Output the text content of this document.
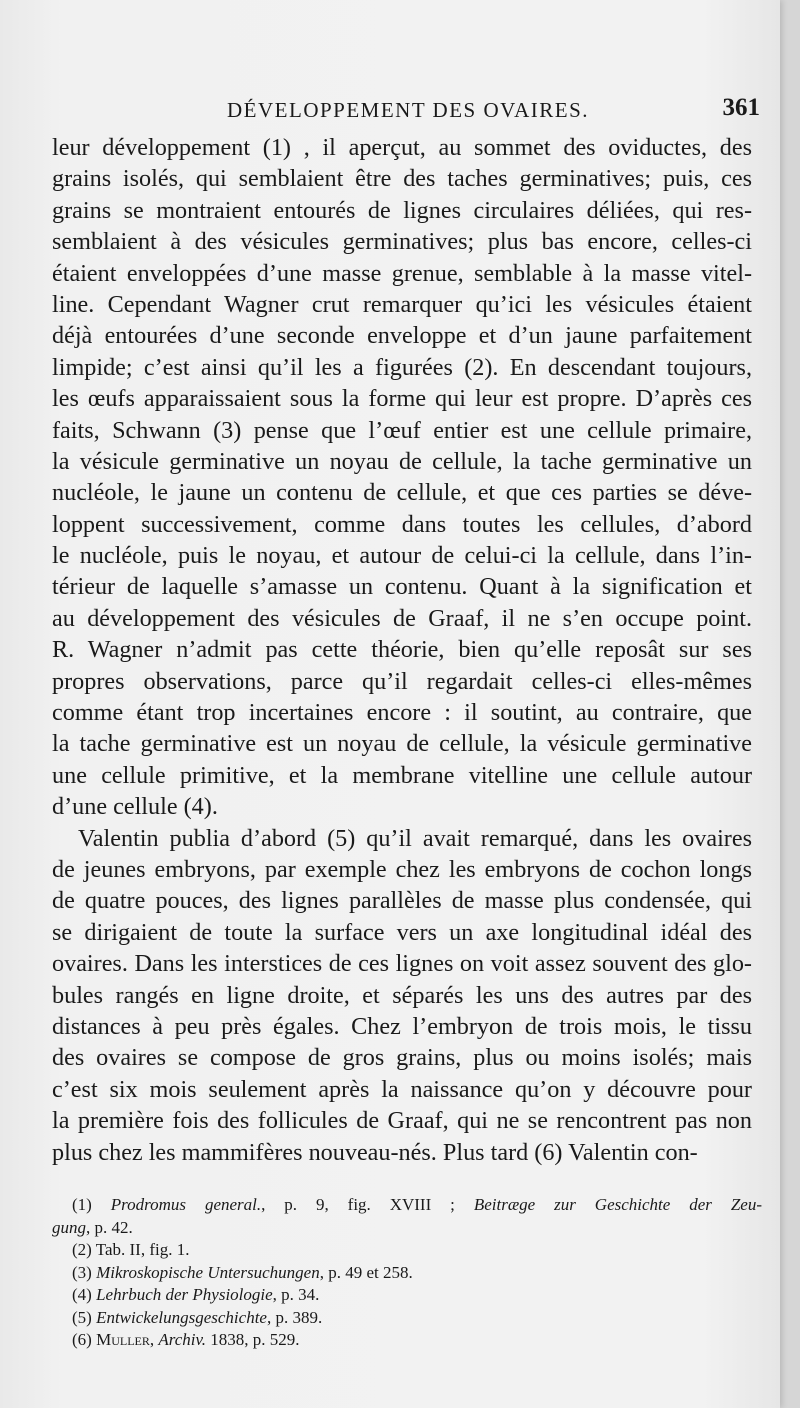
DÉVELOPPEMENT DES OVAIRES.	361

leur développement (1) , il aperçut, au sommet des oviductes, des
grains isolés, qui semblaient être des taches germinatives; puis, ces
grains se montraient entourés de lignes circulaires déliées, qui res-
semblaient à des vésicules germinatives; plus bas encore, celles-ci
étaient enveloppées d’une masse grenue, semblable à la masse vitel-
line. Cependant Wagner crut remarquer qu’ici les vésicules étaient
déjà entourées d’une seconde enveloppe et d’un jaune parfaitement
limpide; c’est ainsi qu’il les a figurées (2). En descendant toujours,
les œufs apparaissaient sous la forme qui leur est propre. D’après ces
faits, Schwann (3) pense que l’œuf entier est une cellule primaire,
la vésicule germinative un noyau de cellule, la tache germinative un
nucléole, le jaune un contenu de cellule, et que ces parties se déve-
loppent successivement, comme dans toutes les cellules, d’abord
le nucléole, puis le noyau, et autour de celui-ci la cellule, dans l’in-
térieur de laquelle s’amasse un contenu. Quant à la signification et
au développement des vésicules de Graaf, il ne s’en occupe point.
R. Wagner n’admit pas cette théorie, bien qu’elle reposât sur ses
propres observations, parce qu’il regardait celles-ci elles-mêmes
comme étant trop incertaines encore : il soutint, au contraire, que
la tache germinative est un noyau de cellule, la vésicule germinative
une cellule primitive, et la membrane vitelline une cellule autour
d’une cellule (4).

Valentin publia d’abord (5) qu’il avait remarqué, dans les ovaires
de jeunes embryons, par exemple chez les embryons de cochon longs
de quatre pouces, des lignes parallèles de masse plus condensée, qui
se dirigaient de toute la surface vers un axe longitudinal idéal des
ovaires. Dans les interstices de ces lignes on voit assez souvent des glo-
bules rangés en ligne droite, et séparés les uns des autres par des
distances à peu près égales. Chez l’embryon de trois mois, le tissu
des ovaires se compose de gros grains, plus ou moins isolés; mais
c’est six mois seulement après la naissance qu’on y découvre pour
la première fois des follicules de Graaf, qui ne se rencontrent pas non
plus chez les mammifères nouveau-nés. Plus tard (6) Valentin con-

(1) Prodromus general., p. 9, fig. XVIII ; Beitræge zur Geschichte der Zeu-
gung, p. 42.
(2) Tab. II, fig. 1.
(3) Mikroskopische Untersuchungen, p. 49 et 258.
(4) Lehrbuch der Physiologie, p. 34.
(5) Entwickelungsgeschichte, p. 389.
(6) Muller, Archiv. 1838, p. 529.
